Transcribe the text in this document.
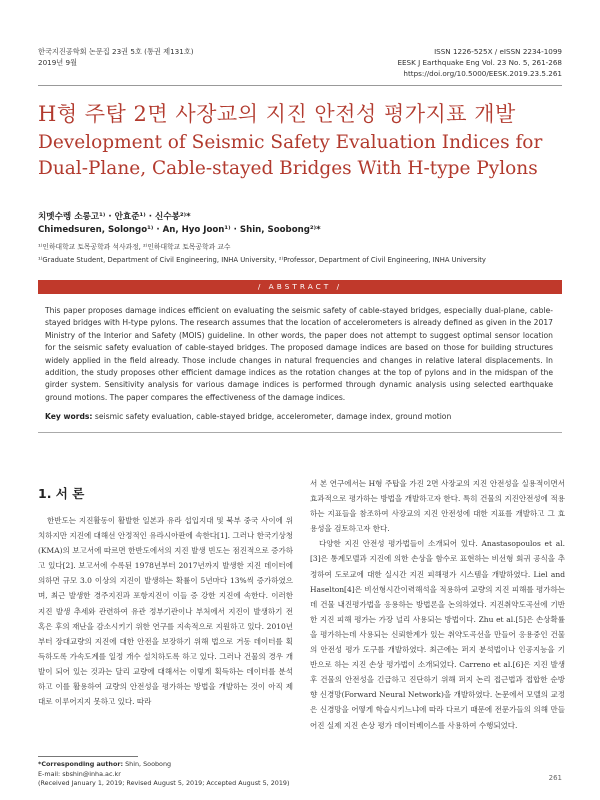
한국지진공학회 논문집 23권 5호 (통권 제131호)
2019년 9월
ISSN 1226-525X / eISSN 2234-1099
EESK J Earthquake Eng Vol. 23 No. 5, 261-268
https://doi.org/10.5000/EESK.2019.23.5.261
H형 주탑 2면 사장교의 지진 안전성 평가지표 개발
Development of Seismic Safety Evaluation Indices for Dual-Plane, Cable-stayed Bridges With H-type Pylons
치멧수렝 소롱고¹⁾ · 안효준¹⁾ · 신수봉²⁾*
Chimedsuren, Solongo¹⁾ · An, Hyo Joon¹⁾ · Shin, Soobong²⁾*
¹⁾인하대학교 토목공학과 석사과정, ²⁾인하대학교 토목공학과 교수
¹⁾Graduate Student, Department of Civil Engineering, INHA University, ²⁾Professor, Department of Civil Engineering, INHA University
/ ABSTRACT /
This paper proposes damage indices efficient on evaluating the seismic safety of cable-stayed bridges, especially dual-plane, cable-stayed bridges with H-type pylons. The research assumes that the location of accelerometers is already defined as given in the 2017 Ministry of the Interior and Safety (MOIS) guideline. In other words, the paper does not attempt to suggest optimal sensor location for the seismic safety evaluation of cable-stayed bridges. The proposed damage indices are based on those for building structures widely applied in the field already. Those include changes in natural frequencies and changes in relative lateral displacements. In addition, the study proposes other efficient damage indices as the rotation changes at the top of pylons and in the midspan of the girder system. Sensitivity analysis for various damage indices is performed through dynamic analysis using selected earthquake ground motions. The paper compares the effectiveness of the damage indices.
Key words: seismic safety evaluation, cable-stayed bridge, accelerometer, damage index, ground motion
1. 서 론

한반도는 지진활동이 활발한 일본과 유라 섭입지대 및 북부 중국 사이에 위치하지만 지진에 대해선 안정적인 유라시아판에 속한다[1]. 그러나 한국기상청(KMA)의 보고서에 따르면 한반도에서의 지진 발생 빈도는 점진적으로 증가하고 있다[2]. 보고서에 수록된 1978년부터 2017년까지 발생한 지진 데이터에 의하면 규모 3.0 이상의 지진이 발생하는 확률이 5년마다 13%씩 증가하였으며, 최근 발생한 경주지진과 포항지진이 이들 증 강한 지진에 속한다. 이러한 지진 발생 추세와 관련하여 유관 정부기관이나 부처에서 지진이 발생하기 전 혹은 후의 재난을 감소시키기 위한 연구를 지속적으로 지원하고 있다. 2010년부터 장대교량의 지진에 대한 안전을 보장하기 위해 법으로 거동 데이터를 획득하도록 가속도계를 일정 개수 설치하도록 하고 있다. 그러나 건물의 경우 개발이 되어 있는 것과는 달리 교량에 대해서는 이렇게 획득하는 데이터를 분석하고 이를 활용하여 교량의 안전성을 평가하는 방법을 개발하는 것이 아직 제대로 이루어지지 못하고 있다. 따라

서 본 연구에서는 H형 주탑을 가진 2면 사장교의 지진 안전성을 실용적이면서 효과적으로 평가하는 방법을 개발하고자 한다. 특히 건물의 지진안전성에 적용하는 지표들을 참조하여 사장교의 지진 안전성에 대한 지표를 개발하고 그 효용성을 검토하고자 한다.

다양한 지진 안전성 평가법들이 소개되어 있다. Anastasopoulos et al. [3]은 통계모델과 지진에 의한 손상을 함수로 표현하는 비선형 회귀 공식을 추정하여 도로교에 대한 실시간 지진 피해평가 시스템을 개발하였다. Liel and Haselton[4]은 비선형시간이력해석을 적용하여 교량의 지진 피해를 평가하는데 건물 내진평가법을 응용하는 방법론을 논의하였다. 지진취약도곡선에 기반한 지진 피해 평가는 가장 널리 사용되는 방법이다. Zhu et al.[5]은 손상확률을 평가하는데 사용되는 신뢰한계가 있는 취약도곡선을 만들어 응용중인 건물의 안전성 평가 도구를 개발하였다. 최근에는 퍼지 분석법이나 인공지능을 기반으로 하는 지진 손상 평가법이 소개되었다. Carreno et al.[6]은 지진 발생 후 건물의 안전성을 긴급하고 진단하기 위해 퍼지 논리 접근법과 접합한 순방향 신경망(Forward Neural Network)을 개발하였다. 논문에서 모델의 교정은 신경망을 어떻게 학습시키느냐에 따라 다르기 때문에 전문가들의 의해 만들어진 실제 지진 손상 평가 데이터베이스를 사용하여 수행되었다.

*Corresponding author: Shin, Soobong
E-mail: sbshin@inha.ac.kr
(Received January 1, 2019; Revised August 5, 2019; Accepted August 5, 2019)
261
